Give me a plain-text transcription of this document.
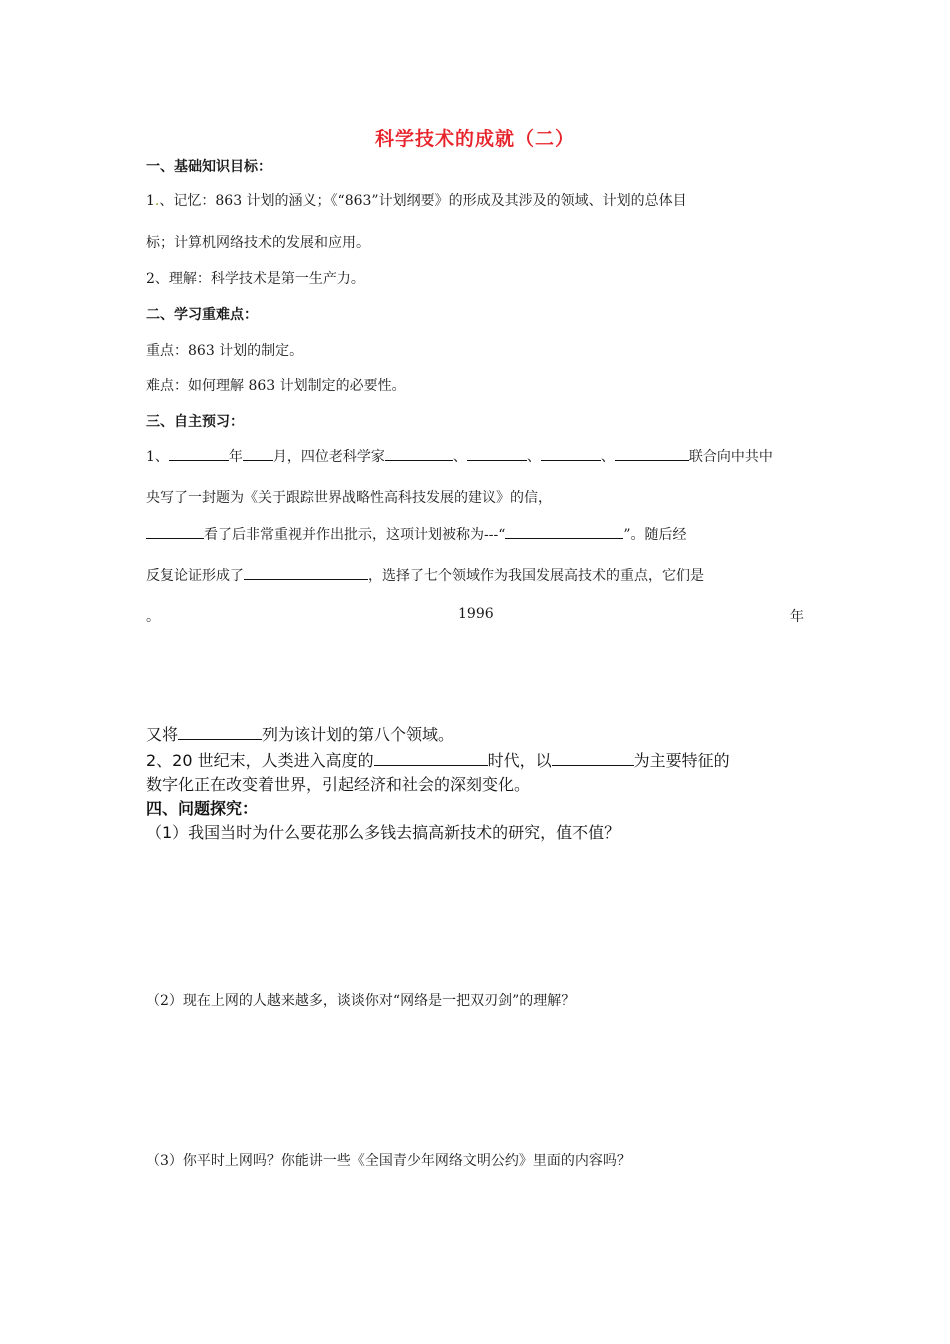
科学技术的成就（二）
一、基础知识目标：
1.、记忆：863 计划的涵义；《“863”计划纲要》的形成及其涉及的领域、计划的总体目
标；计算机网络技术的发展和应用。
2、理解：科学技术是第一生产力。
二、学习重难点：
重点：863 计划的制定。
难点：如何理解 863 计划制定的必要性。
三、自主预习：
1、	年 月，四位老科学家	、	、	、	联合向中共中
央写了一封题为《关于跟踪世界战略性高科技发展的建议》的信，
看了后非常重视并作出批示，这项计划被称为---“	”。随后经
反复论证形成了	，选择了七个领域作为我国发展高技术的重点，它们是
。	1996	年
又将	列为该计划的第八个领域。
2、20 世纪末，人类进入高度的	时代，以	为主要特征的
数字化正在改变着世界，引起经济和社会的深刻变化。
四、问题探究：
（1）我国当时为什么要花那么多钱去搞高新技术的研究，值不值？
（2）现在上网的人越来越多，谈谈你对“网络是一把双刃剑”的理解？
（3）你平时上网吗？你能讲一些《全国青少年网络文明公约》里面的内容吗？
